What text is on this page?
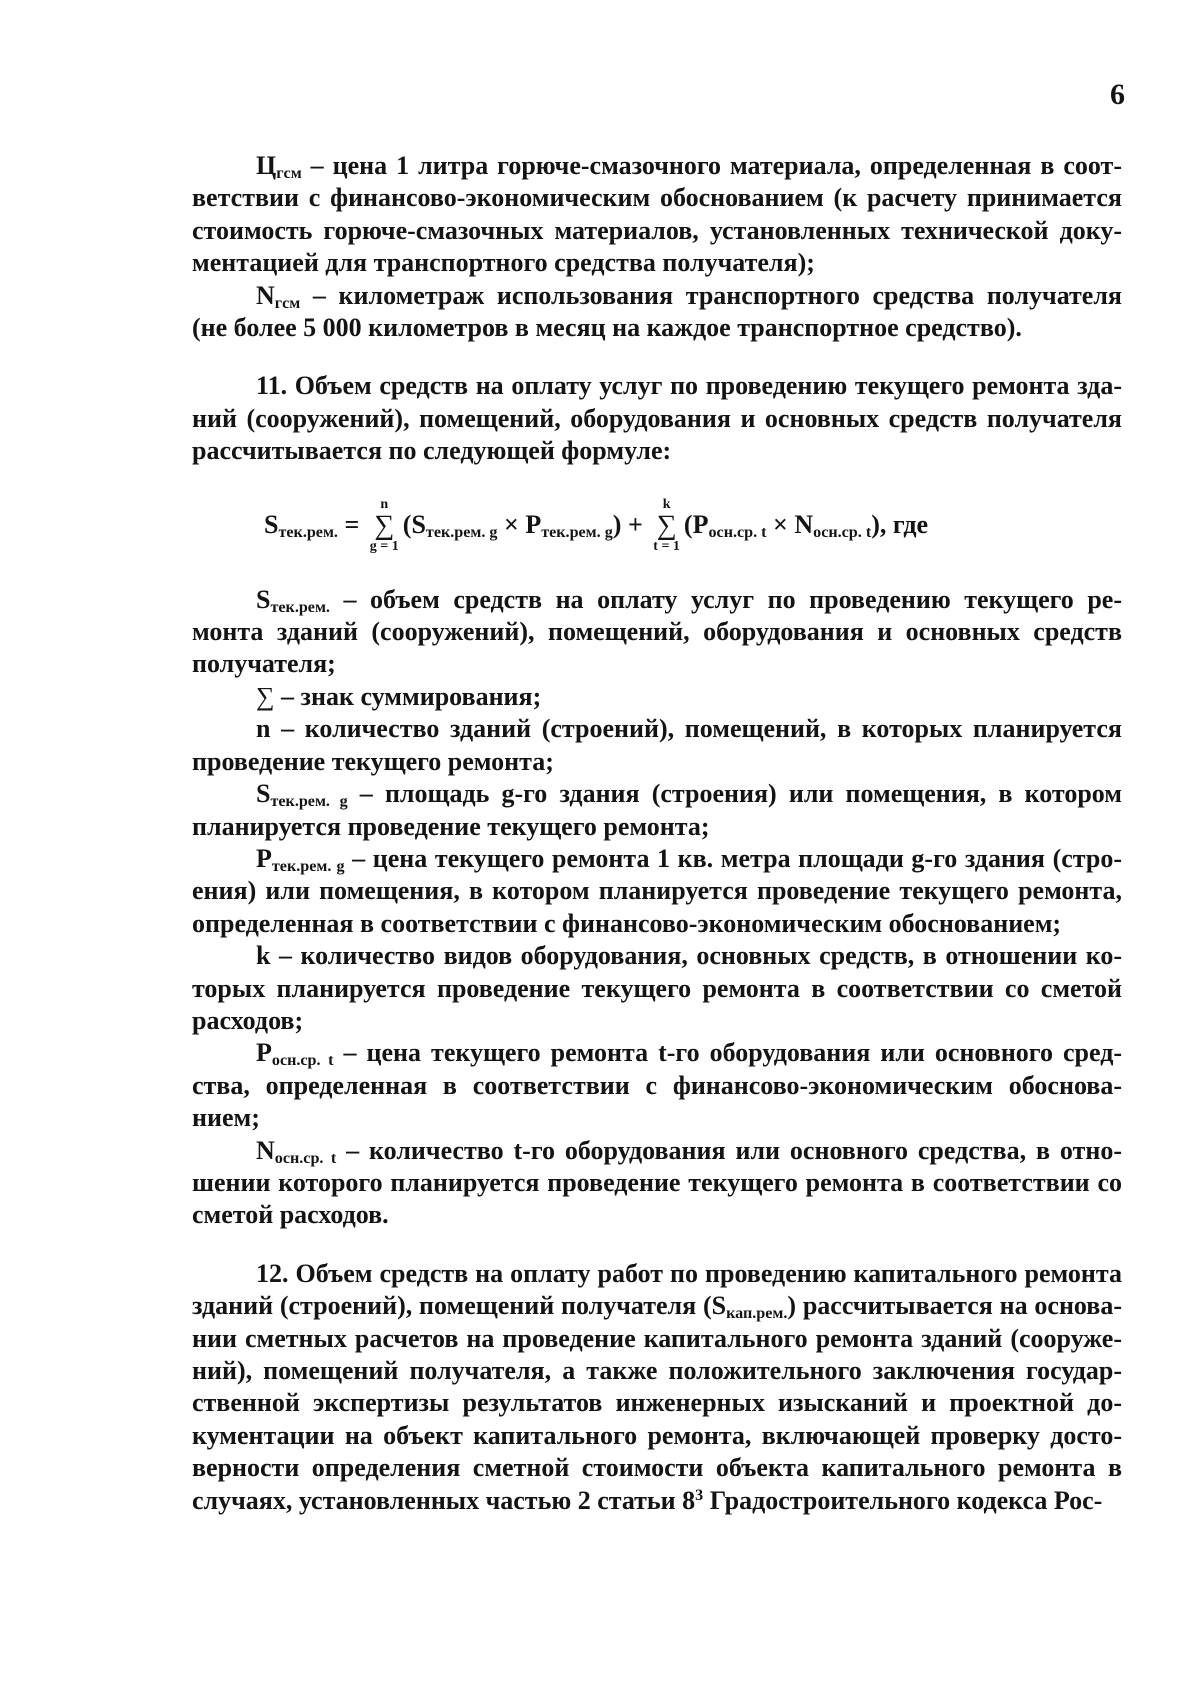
6

$Ц_{гсм}$ – цена 1 литра горюче-смазочного материала, определенная в соот-ветствии с финансово-экономическим обоснованием (к расчету принимается стоимость горюче-смазочных материалов, установленных технической доку-ментацией для транспортного средства получателя);

$N_{гсм}$ – километраж использования транспортного средства получателя (не более 5 000 километров в месяц на каждое транспортное средство).

11. Объем средств на оплату услуг по проведению текущего ремонта зда-ний (сооружений), помещений, оборудования и основных средств получателя рассчитывается по следующей формуле:

$S_{тек.рем.}$ =
n
∑
g = 1
$(S_{тек.рем. g} \times P_{тек.рем. g})$ +
k
∑
t = 1
$(P_{осн.ср. t} \times N_{осн.ср. t})$ , где

$S_{тек.рем.}$ – объем средств на оплату услуг по проведению текущего ре-монта зданий (сооружений), помещений, оборудования и основных средств получателя;

∑ – знак суммирования;

n – количество зданий (строений), помещений, в которых планируется проведение текущего ремонта;

$S_{тек.рем. g}$ – площадь g-го здания (строения) или помещения, в котором планируется проведение текущего ремонта;

$P_{тек.рем. g}$ – цена текущего ремонта 1 кв. метра площади g-го здания (стро-ения) или помещения, в котором планируется проведение текущего ремонта, определенная в соответствии с финансово-экономическим обоснованием;

k – количество видов оборудования, основных средств, в отношении ко-торых планируется проведение текущего ремонта в соответствии со сметой расходов;

$P_{осн.ср. t}$ – цена текущего ремонта t-го оборудования или основного сред-ства, определенная в соответствии с финансово-экономическим обоснова-нием;

$N_{осн.ср. t}$ – количество t-го оборудования или основного средства, в отно-шении которого планируется проведение текущего ремонта в соответствии со сметой расходов.

12. Объем средств на оплату работ по проведению капитального ремонта зданий (строений), помещений получателя $(S_{кап.рем.})$ рассчитывается на основа-нии сметных расчетов на проведение капитального ремонта зданий (сооруже-ний), помещений получателя, а также положительного заключения государ-ственной экспертизы результатов инженерных изысканий и проектной до-кументации на объект капитального ремонта, включающей проверку досто-верности определения сметной стоимости объекта капитального ремонта в случаях, установленных частью 2 статьи $8^3$ Градостроительного кодекса Рос-
